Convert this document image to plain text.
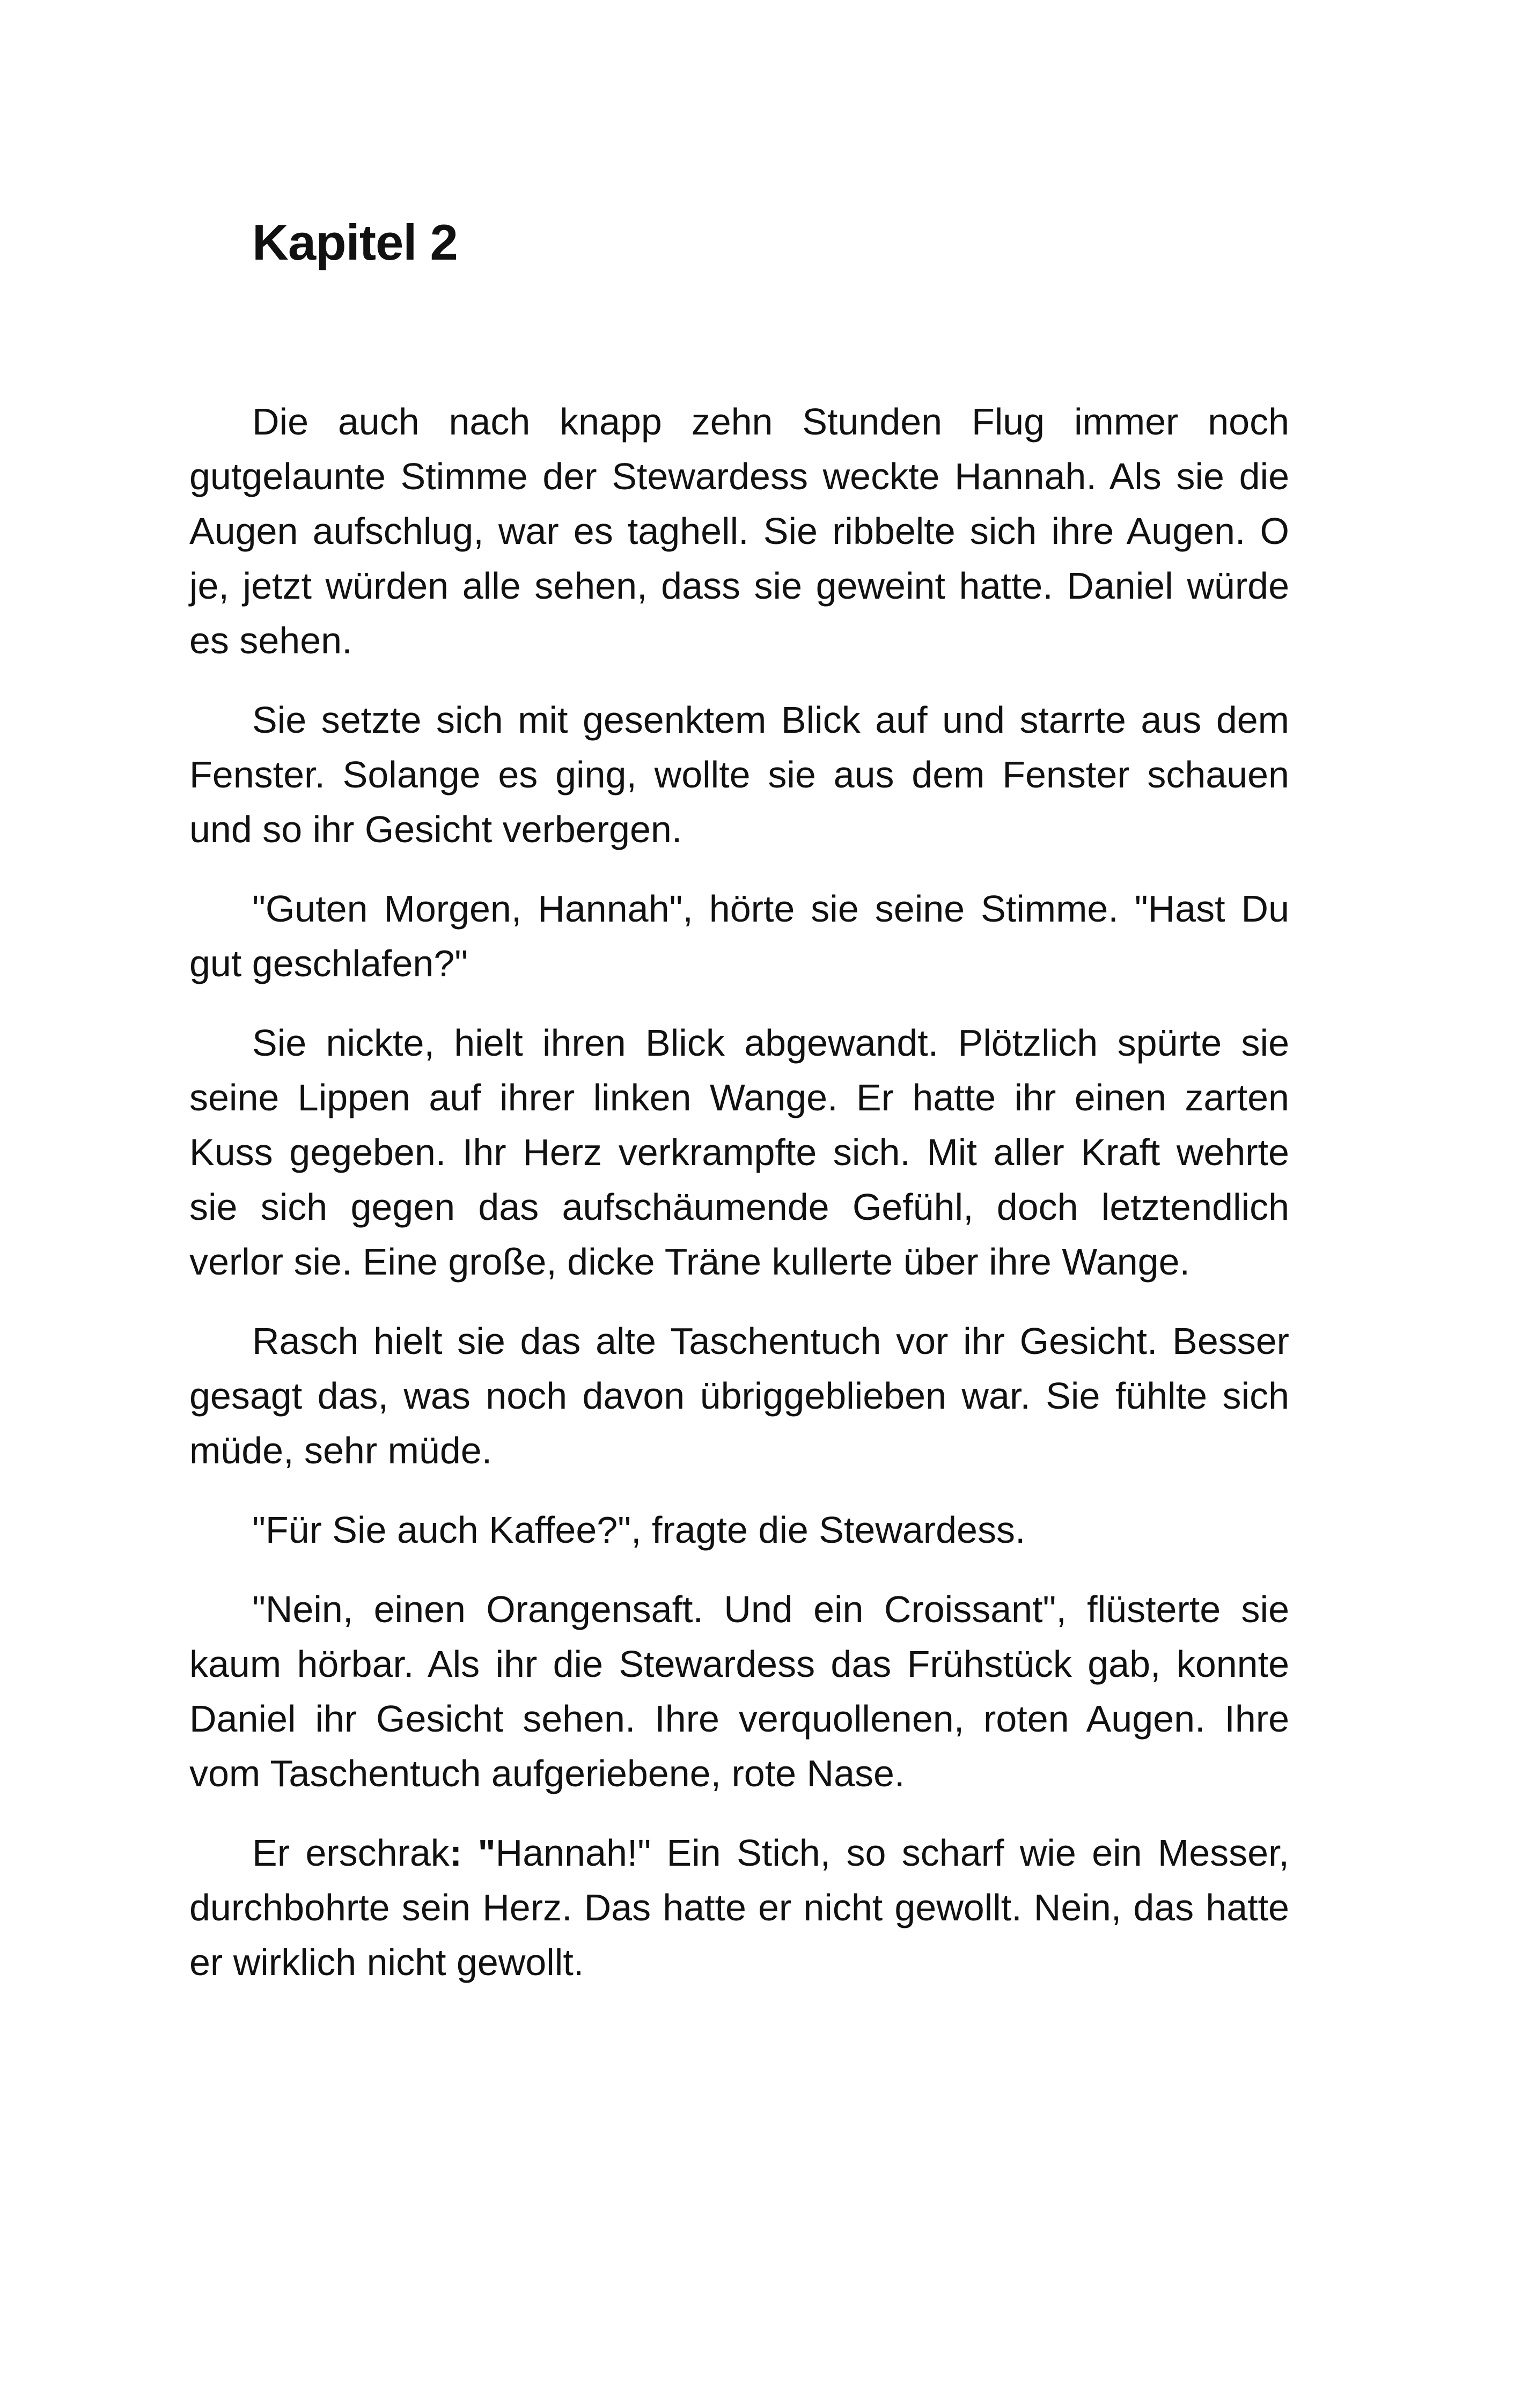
Kapitel 2

Die auch nach knapp zehn Stunden Flug immer noch gutgelaunte Stimme der Stewardess weckte Hannah. Als sie die Augen aufschlug, war es taghell. Sie ribbelte sich ihre Augen. O je, jetzt würden alle sehen, dass sie geweint hatte. Daniel würde es sehen.

Sie setzte sich mit gesenktem Blick auf und starrte aus dem Fenster. Solange es ging, wollte sie aus dem Fenster schauen und so ihr Gesicht verbergen.

"Guten Morgen, Hannah", hörte sie seine Stimme. "Hast Du gut geschlafen?"

Sie nickte, hielt ihren Blick abgewandt. Plötzlich spürte sie seine Lippen auf ihrer linken Wange. Er hatte ihr einen zarten Kuss gegeben. Ihr Herz verkrampfte sich. Mit aller Kraft wehrte sie sich gegen das aufschäumende Gefühl, doch letztendlich verlor sie. Eine große, dicke Träne kullerte über ihre Wange.

Rasch hielt sie das alte Taschentuch vor ihr Gesicht. Besser gesagt das, was noch davon übriggeblieben war. Sie fühlte sich müde, sehr müde.

"Für Sie auch Kaffee?", fragte die Stewardess.

"Nein, einen Orangensaft. Und ein Croissant", flüsterte sie kaum hörbar. Als ihr die Stewardess das Frühstück gab, konnte Daniel ihr Gesicht sehen. Ihre verquollenen, roten Augen. Ihre vom Taschentuch aufgeriebene, rote Nase.

Er erschrak: "Hannah!" Ein Stich, so scharf wie ein Messer, durchbohrte sein Herz. Das hatte er nicht gewollt. Nein, das hatte er wirklich nicht gewollt.
